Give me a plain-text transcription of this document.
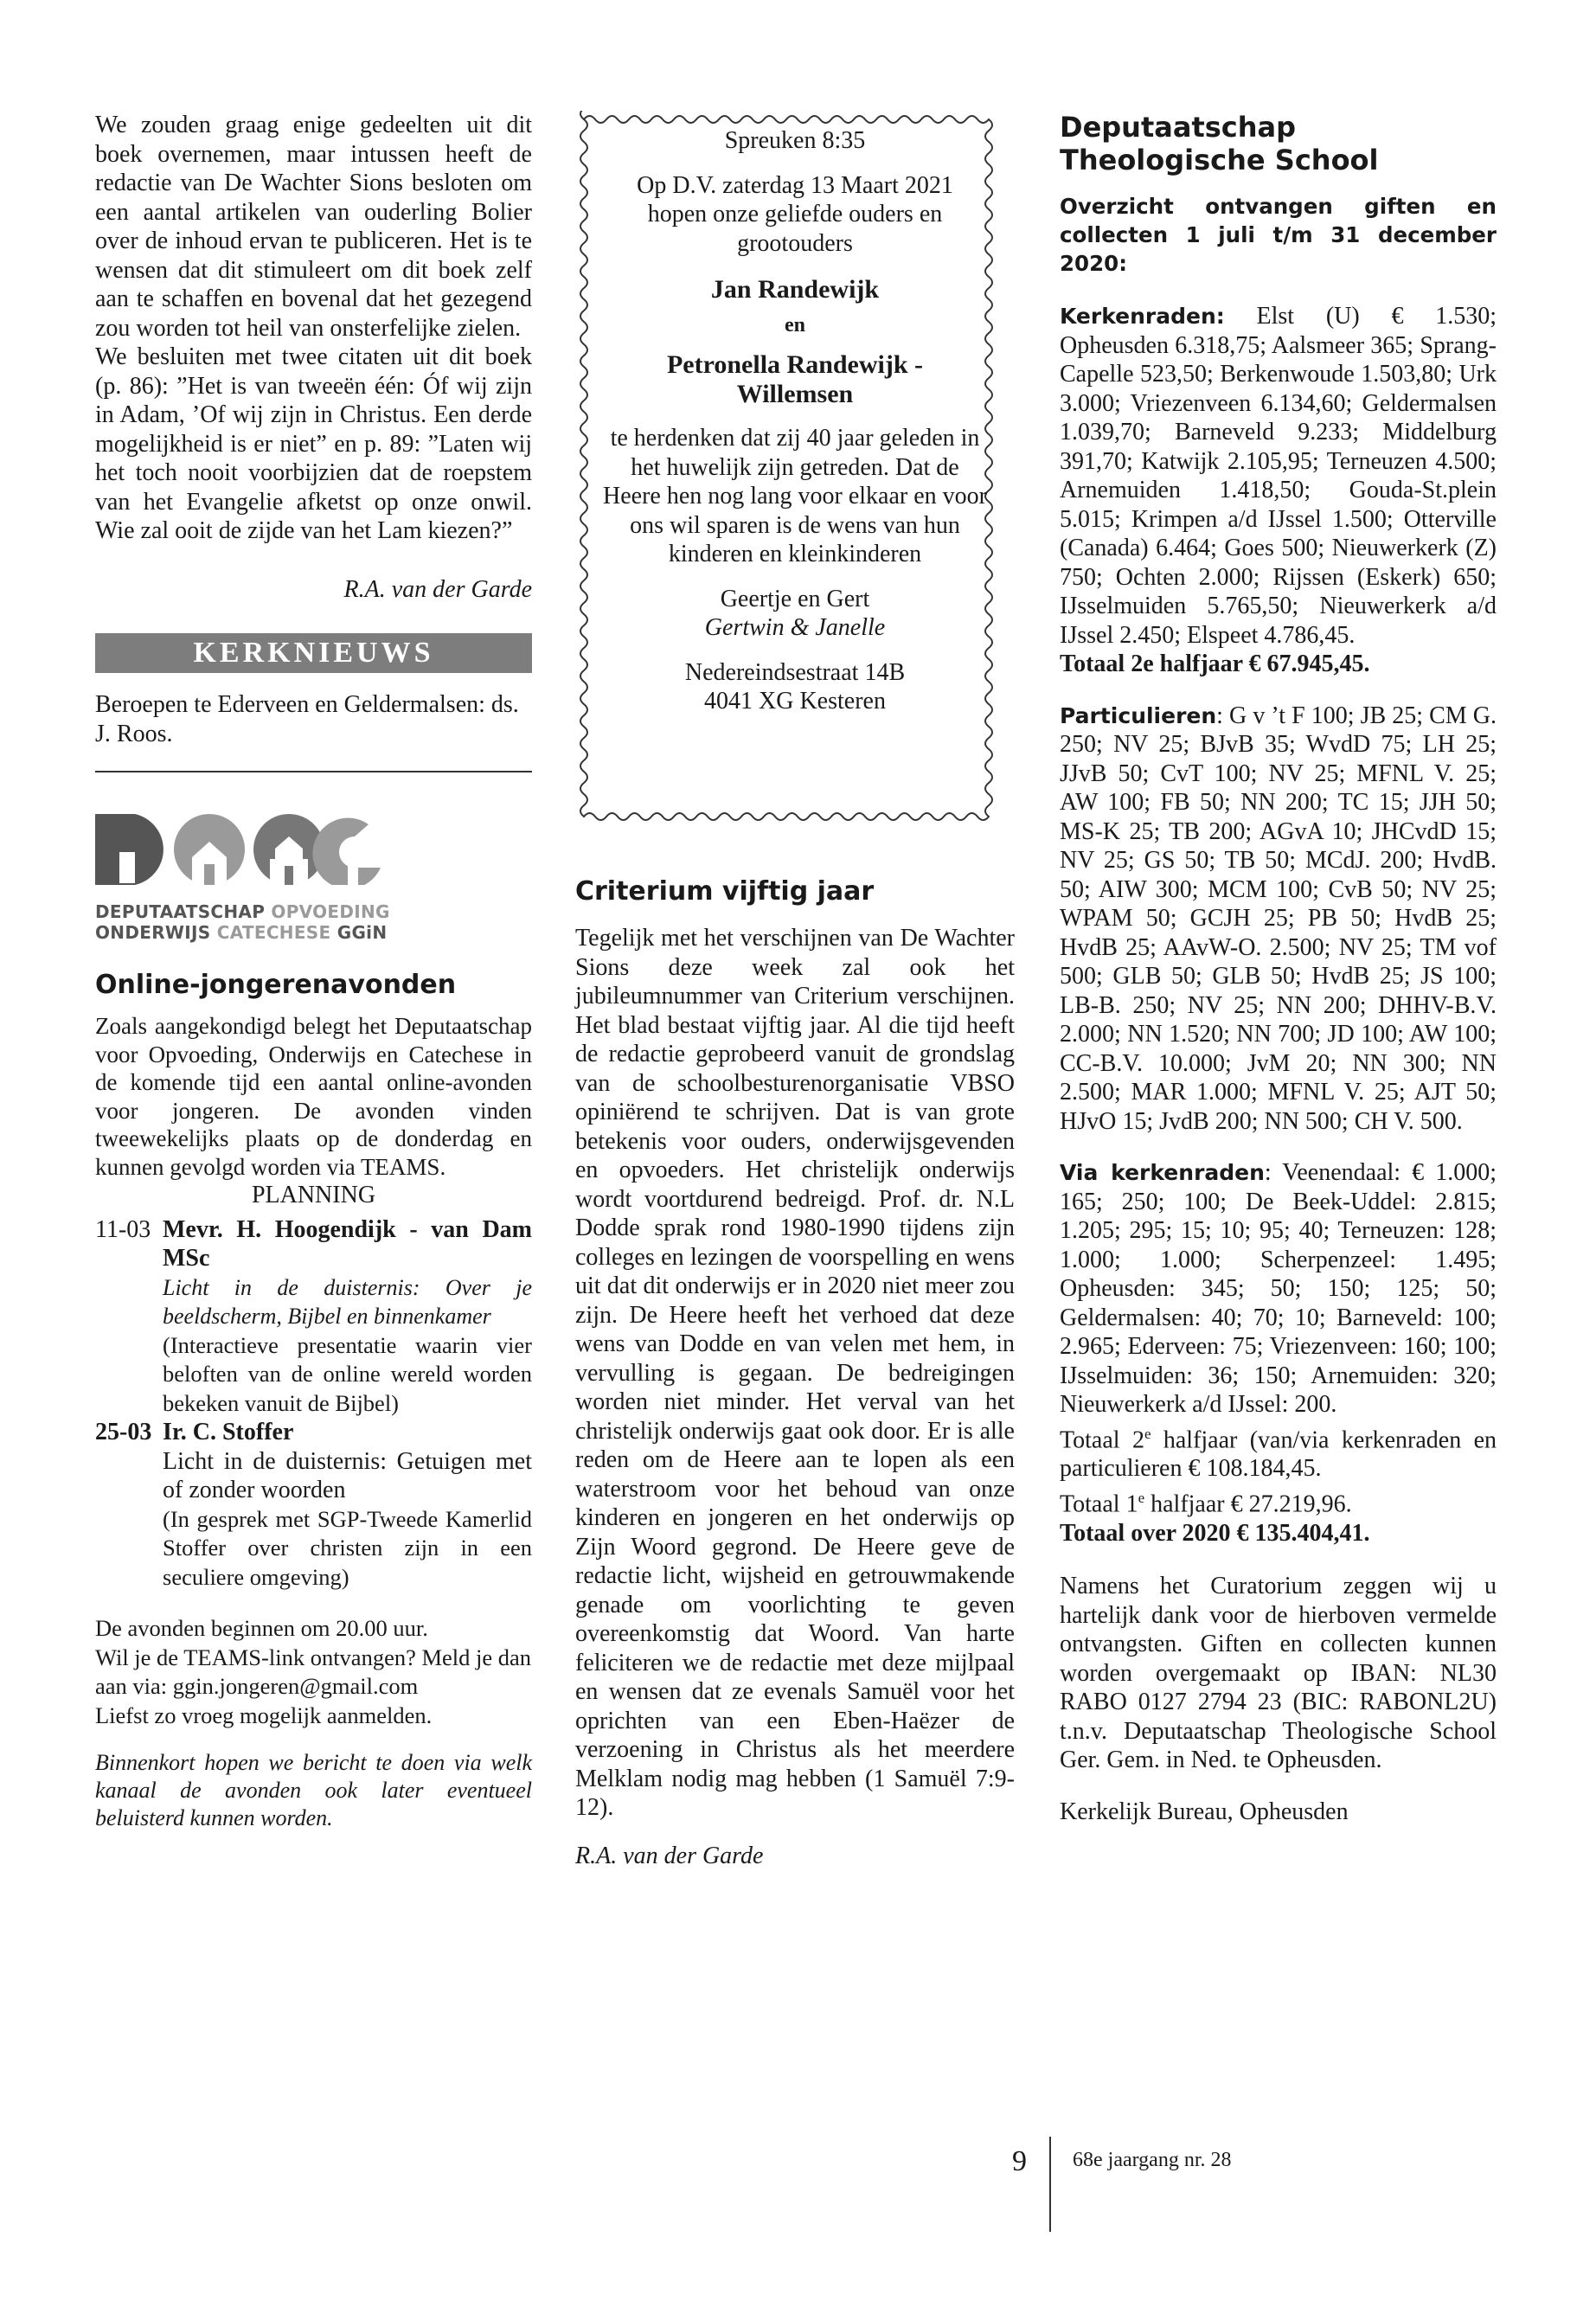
We zouden graag enige gedeelten uit dit boek overnemen, maar intussen heeft de redactie van De Wachter Sions besloten om een aantal artikelen van ouderling Bolier over de inhoud ervan te publiceren. Het is te wensen dat dit stimuleert om dit boek zelf aan te schaffen en bovenal dat het gezegend zou worden tot heil van onsterfelijke zielen.

We besluiten met twee citaten uit dit boek (p. 86): ”Het is van tweeën één: Óf wij zijn in Adam, ’Of wij zijn in Christus. Een derde mogelijkheid is er niet” en p. 89: ”Laten wij het toch nooit voorbijzien dat de roepstem van het Evangelie afketst op onze onwil. Wie zal ooit de zijde van het Lam kiezen?”

R.A. van der Garde

KERKNIEUWS

Beroepen te Ederveen en Geldermalsen: ds. J. Roos.

DEPUTAATSCHAP OPVOEDING
ONDERWIJS CATECHESE GGiN
Online-jongerenavonden

Zoals aangekondigd belegt het Deputaatschap voor Opvoeding, Onderwijs en Catechese in de komende tijd een aantal online-avonden voor jongeren. De avonden vinden tweewekelijks plaats op de donderdag en kunnen gevolgd worden via TEAMS.

PLANNING

11-03 Mevr. H. Hoogendijk - van Dam MSc
Licht in de duisternis: Over je beeldscherm, Bijbel en binnenkamer
(Interactieve presentatie waarin vier beloften van de online wereld worden bekeken vanuit de Bijbel)
25-03 Ir. C. Stoffer
Licht in de duisternis: Getuigen met of zonder woorden
(In gesprek met SGP-Tweede Kamerlid Stoffer over christen zijn in een seculiere omgeving)
De avonden beginnen om 20.00 uur.
Wil je de TEAMS-link ontvangen? Meld je dan aan via: ggin.jongeren@gmail.com
Liefst zo vroeg mogelijk aanmelden.

Binnenkort hopen we bericht te doen via welk kanaal de avonden ook later eventueel beluisterd kunnen worden.

Spreuken 8:35
Op D.V. zaterdag 13 Maart 2021 hopen onze geliefde ouders en grootouders
Jan Randewijk
en
Petronella Randewijk - Willemsen
te herdenken dat zij 40 jaar geleden in het huwelijk zijn getreden. Dat de Heere hen nog lang voor elkaar en voor ons wil sparen is de wens van hun kinderen en kleinkinderen
Geertje en Gert
Gertwin & Janelle
Nedereindsestraat 14B
4041 XG Kesteren
Criterium vijftig jaar

Tegelijk met het verschijnen van De Wachter Sions deze week zal ook het jubileumnummer van Criterium verschijnen. Het blad bestaat vijftig jaar. Al die tijd heeft de redactie geprobeerd vanuit de grondslag van de schoolbesturenorganisatie VBSO opiniërend te schrijven. Dat is van grote betekenis voor ouders, onderwijsgevenden en opvoeders. Het christelijk onderwijs wordt voortdurend bedreigd. Prof. dr. N.L Dodde sprak rond 1980-1990 tijdens zijn colleges en lezingen de voorspelling en wens uit dat dit onderwijs er in 2020 niet meer zou zijn. De Heere heeft het verhoed dat deze wens van Dodde en van velen met hem, in vervulling is gegaan. De bedreigingen worden niet minder. Het verval van het christelijk onderwijs gaat ook door. Er is alle reden om de Heere aan te lopen als een waterstroom voor het behoud van onze kinderen en jongeren en het onderwijs op Zijn Woord gegrond. De Heere geve de redactie licht, wijsheid en getrouwmakende genade om voorlichting te geven overeenkomstig dat Woord. Van harte feliciteren we de redactie met deze mijlpaal en wensen dat ze evenals Samuël voor het oprichten van een Eben-Haëzer de verzoening in Christus als het meerdere Melklam nodig mag hebben (1 Samuël 7:9-12).

R.A. van der Garde

Deputaatschap Theologische School

Overzicht ontvangen giften en collecten 1 juli t/m 31 december 2020:

Kerkenraden: Elst (U) € 1.530; Opheusden 6.318,75; Aalsmeer 365; Sprang-Capelle 523,50; Berkenwoude 1.503,80; Urk 3.000; Vriezenveen 6.134,60; Geldermalsen 1.039,70; Barneveld 9.233; Middelburg 391,70; Katwijk 2.105,95; Terneuzen 4.500; Arnemuiden 1.418,50; Gouda-St.plein 5.015; Krimpen a/d IJssel 1.500; Otterville (Canada) 6.464; Goes 500; Nieuwerkerk (Z) 750; Ochten 2.000; Rijssen (Eskerk) 650; IJsselmuiden 5.765,50; Nieuwerkerk a/d IJssel 2.450; Elspeet 4.786,45.

Totaal 2e halfjaar € 67.945,45.

Particulieren: G v ’t F 100; JB 25; CM G. 250; NV 25; BJvB 35; WvdD 75; LH 25; JJvB 50; CvT 100; NV 25; MFNL V. 25; AW 100; FB 50; NN 200; TC 15; JJH 50; MS-K 25; TB 200; AGvA 10; JHCvdD 15; NV 25; GS 50; TB 50; MCdJ. 200; HvdB. 50; AIW 300; MCM 100; CvB 50; NV 25; WPAM 50; GCJH 25; PB 50; HvdB 25; HvdB 25; AAvW-O. 2.500; NV 25; TM vof 500; GLB 50; GLB 50; HvdB 25; JS 100; LB-B. 250; NV 25; NN 200; DHHV-B.V. 2.000; NN 1.520; NN 700; JD 100; AW 100; CC-B.V. 10.000; JvM 20; NN 300; NN 2.500; MAR 1.000; MFNL V. 25; AJT 50; HJvO 15; JvdB 200; NN 500; CH V. 500.

Via kerkenraden: Veenendaal: € 1.000; 165; 250; 100; De Beek-Uddel: 2.815; 1.205; 295; 15; 10; 95; 40; Terneuzen: 128; 1.000; 1.000; Scherpenzeel: 1.495; Opheusden: 345; 50; 150; 125; 50; Geldermalsen: 40; 70; 10; Barneveld: 100; 2.965; Ederveen: 75; Vriezenveen: 160; 100; IJsselmuiden: 36; 150; Arnemuiden: 320; Nieuwerkerk a/d IJssel: 200.

Totaal 2e halfjaar (van/via kerkenraden en particulieren € 108.184,45.

Totaal 1e halfjaar € 27.219,96.

Totaal over 2020 € 135.404,41.

Namens het Curatorium zeggen wij u hartelijk dank voor de hierboven vermelde ontvangsten. Giften en collecten kunnen worden overgemaakt op IBAN: NL30 RABO 0127 2794 23 (BIC: RABONL2U) t.n.v. Deputaatschap Theologische School Ger. Gem. in Ned. te Opheusden.

Kerkelijk Bureau, Opheusden

9 68e jaargang nr. 28
